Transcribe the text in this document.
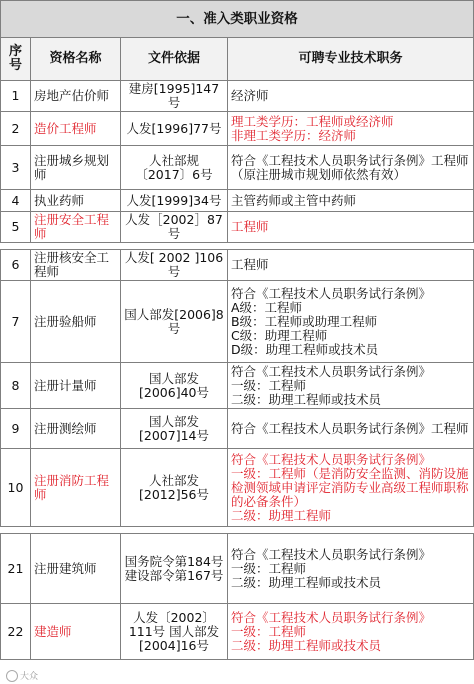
一、准入类职业资格			
序号	资格名称	文件依据	可聘专业技术职务
1	房地产估价师	建房[1995]147号	经济师

2	造价工程师	人发[1996]77号	理工类学历：工程师或经济师
非理工类学历：经济师

3	注册城乡规划师	人社部规〔2017〕6号	符合《工程技术人员职务试行条例》工程师（原注册城市规划师依然有效）

4	执业药师	人发[1999]34号	主管药师或主管中药师

5	注册安全工程师	人发［2002］87号	工程师

6	注册核安全工程师	人发[ 2002 ]106号	工程师

7	注册验船师	国人部发[2006]8号	符合《工程技术人员职务试行条例》
A级：工程师
B级：工程师或助理工程师
C级：助理工程师
D级：助理工程师或技术员

8	注册计量师	国人部发[2006]40号	符合《工程技术人员职务试行条例》
一级：工程师
二级：助理工程师或技术员

9	注册测绘师	国人部发[2007]14号	符合《工程技术人员职务试行条例》工程师

10	注册消防工程师	人社部发[2012]56号	符合《工程技术人员职务试行条例》
一级：工程师（是消防安全监测、消防设施检测领域申请评定消防专业高级工程师职称的必备条件）
二级：助理工程师

21	注册建筑师	国务院令第184号 建设部令第167号	符合《工程技术人员职务试行条例》
一级：工程师
二级：助理工程师或技术员

22	建造师	人发〔2002〕111号 国人部发[2004]16号	符合《工程技术人员职务试行条例》
一级：工程师
二级：助理工程师或技术员
大众
